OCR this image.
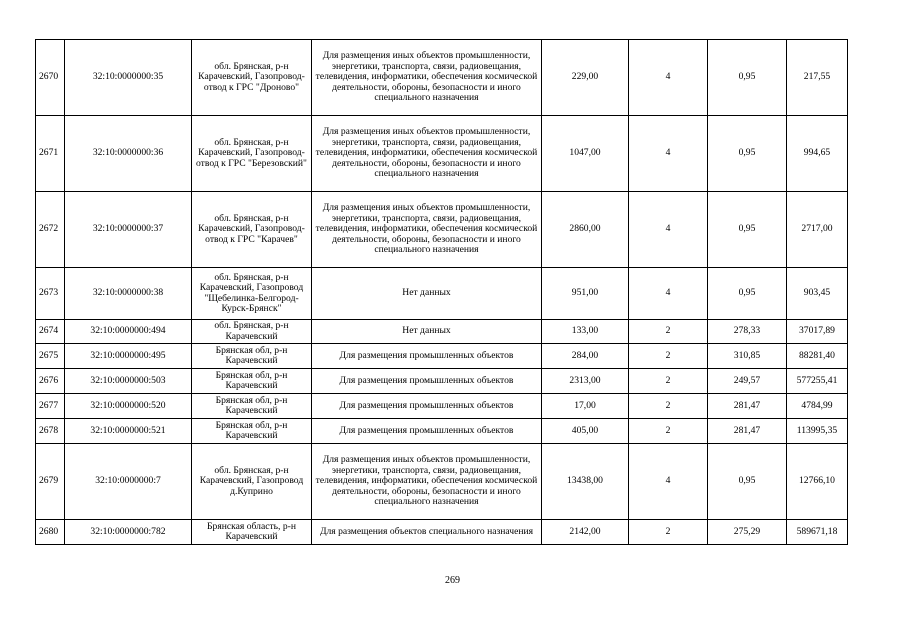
2670	32:10:0000000:35	обл. Брянская, р-н Карачевский, Газопровод-отвод к ГРС "Дроново"	Для размещения иных объектов промышленности, энергетики, транспорта, связи, радиовещания, телевидения, информатики, обеспечения космической деятельности, обороны, безопасности и иного специального назначения	229,00	4	0,95	217,55
2671	32:10:0000000:36	обл. Брянская, р-н Карачевский, Газопровод-отвод к ГРС "Березовский"	Для размещения иных объектов промышленности, энергетики, транспорта, связи, радиовещания, телевидения, информатики, обеспечения космической деятельности, обороны, безопасности и иного специального назначения	1047,00	4	0,95	994,65
2672	32:10:0000000:37	обл. Брянская, р-н Карачевский, Газопровод-отвод к ГРС "Карачев"	Для размещения иных объектов промышленности, энергетики, транспорта, связи, радиовещания, телевидения, информатики, обеспечения космической деятельности, обороны, безопасности и иного специального назначения	2860,00	4	0,95	2717,00
2673	32:10:0000000:38	обл. Брянская, р-н Карачевский, Газопровод "Щебелинка-Белгород-Курск-Брянск"	Нет данных	951,00	4	0,95	903,45
2674	32:10:0000000:494	обл. Брянская, р-н Карачевский	Нет данных	133,00	2	278,33	37017,89
2675	32:10:0000000:495	Брянская обл, р-н Карачевский	Для размещения промышленных объектов	284,00	2	310,85	88281,40
2676	32:10:0000000:503	Брянская обл, р-н Карачевский	Для размещения промышленных объектов	2313,00	2	249,57	577255,41
2677	32:10:0000000:520	Брянская обл, р-н Карачевский	Для размещения промышленных объектов	17,00	2	281,47	4784,99
2678	32:10:0000000:521	Брянская обл, р-н Карачевский	Для размещения промышленных объектов	405,00	2	281,47	113995,35
2679	32:10:0000000:7	обл. Брянская, р-н Карачевский, Газопровод д.Куприно	Для размещения иных объектов промышленности, энергетики, транспорта, связи, радиовещания, телевидения, информатики, обеспечения космической деятельности, обороны, безопасности и иного специального назначения	13438,00	4	0,95	12766,10
2680	32:10:0000000:782	Брянская область, р-н Карачевский	Для размещения объектов специального назначения	2142,00	2	275,29	589671,18
269
